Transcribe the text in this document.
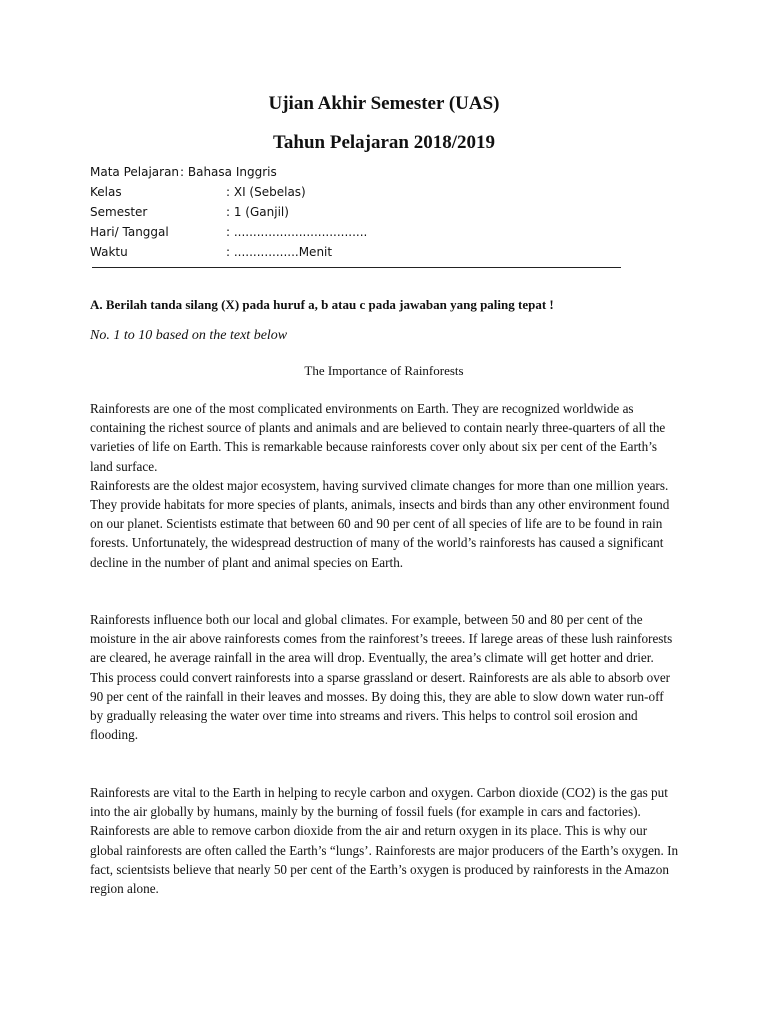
Ujian Akhir Semester (UAS)
Tahun Pelajaran 2018/2019
Mata Pelajaran : Bahasa Inggris
Kelas	: XI (Sebelas)
Semester	: 1 (Ganjil)
Hari/ Tanggal	: ...................................
Waktu	: .................Menit
A. Berilah tanda silang (X) pada huruf a, b atau c pada jawaban yang paling tepat !
No. 1 to 10 based on the text below
The Importance of Rainforests

Rainforests are one of the most complicated environments on Earth. They are recognized worldwide as containing the richest source of plants and animals and are believed to contain nearly three-quarters of all the varieties of life on Earth. This is remarkable because rainforests cover only about six per cent of the Earth’s land surface.

Rainforests are the oldest major ecosystem, having survived climate changes for more than one million years. They provide habitats for more species of plants, animals, insects and birds than any other environment found on our planet. Scientists estimate that between 60 and 90 per cent of all species of life are to be found in rain forests. Unfortunately, the widespread destruction of many of the world’s rainforests has caused a significant decline in the number of plant and animal species on Earth.

Rainforests influence both our local and global climates. For example, between 50 and 80 per cent of the moisture in the air above rainforests comes from the rainforest’s treees. If larege areas of these lush rainforests are cleared, he average rainfall in the area will drop. Eventually, the area’s climate will get hotter and drier. This process could convert rainforests into a sparse grassland or desert. Rainforests are als able to absorb over 90 per cent of the rainfall in their leaves and mosses. By doing this, they are able to slow down water run-off by gradually releasing the water over time into streams and rivers. This helps to control soil erosion and flooding.

Rainforests are vital to the Earth in helping to recyle carbon and oxygen. Carbon dioxide (CO2) is the gas put into the air globally by humans, mainly by the burning of fossil fuels (for example in cars and factories). Rainforests are able to remove carbon dioxide from the air and return oxygen in its place. This is why our global rainforests are often called the Earth’s “lungs’. Rainforests are major producers of the Earth’s oxygen. In fact, scientsists believe that nearly 50 per cent of the Earth’s oxygen is produced by rainforests in the Amazon region alone.
